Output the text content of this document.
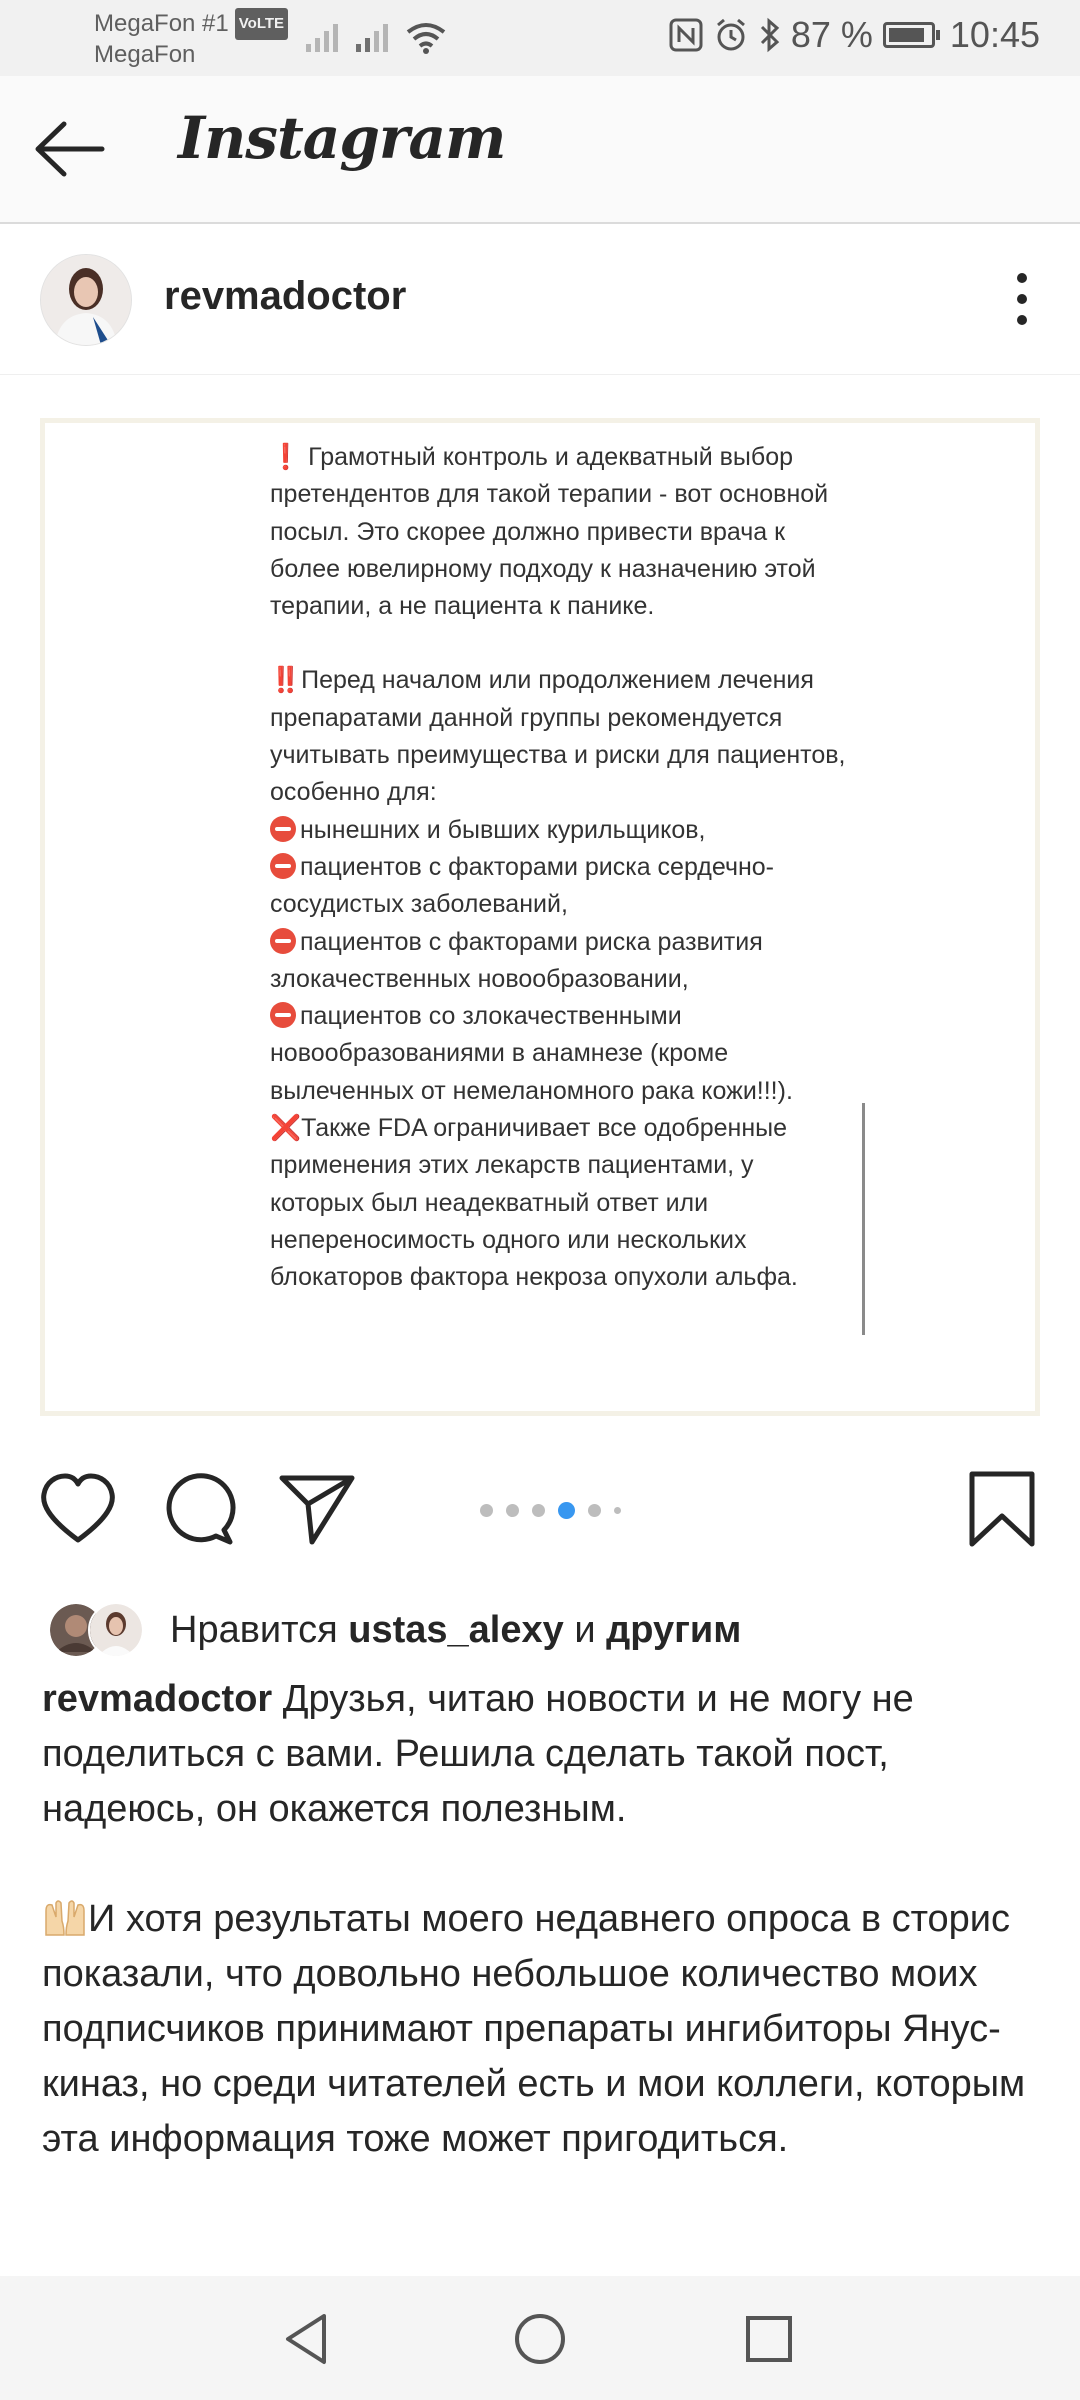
MegaFon #1 VoLTE
MegaFon	87 % 10:45
Instagram
revmadoctor

❗ Грамотный контроль и адекватный выбор претендентов для такой терапии - вот основной посыл. Это скорее должно привести врача к более ювелирному подходу к назначению этой терапии, а не пациента к панике.

‼️Перед началом или продолжением лечения препаратами данной группы рекомендуется учитывать преимущества и риски для пациентов, особенно для:

нынешних и бывших курильщиков,

пациентов с факторами риска сердечно-сосудистых заболеваний,

пациентов с факторами риска развития злокачественных новообразовании,

пациентов со злокачественными новообразованиями в анамнезе (кроме вылеченных от немеланомного рака кожи!!!).

❌Также FDA ограничивает все одобренные применения этих лекарств пациентами, у которых был неадекватный ответ или непереносимость одного или нескольких блокаторов фактора некроза опухоли альфа.

Нравится ustas_alexy и другим

revmadoctor Друзья, читаю новости и не могу не поделиться с вами. Решила сделать такой пост, надеюсь, он окажется полезным.

И хотя результаты моего недавнего опроса в сторис показали, что довольно небольшое количество моих подписчиков принимают препараты ингибиторы Янус-киназ, но среди читателей есть и мои коллеги, которым эта информация тоже может пригодиться.
